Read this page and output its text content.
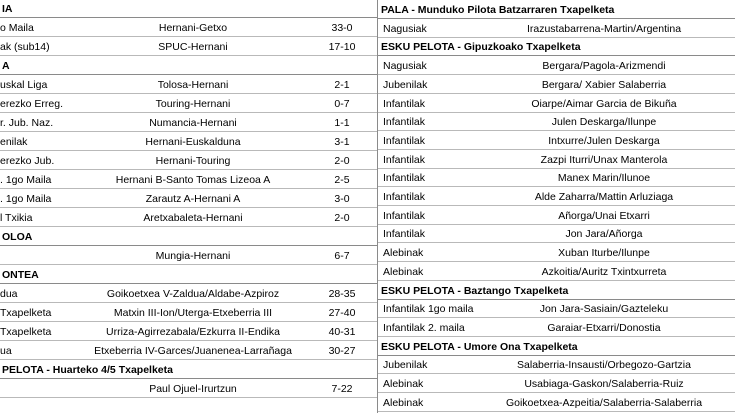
IA
o Maila	Hernani-Getxo	33-0
ak (sub14)	SPUC-Hernani	17-10
A
uskal Liga	Tolosa-Hernani	2-1
erezko Erreg.	Touring-Hernani	0-7
r. Jub. Naz.	Numancia-Hernani	1-1
enilak	Hernani-Euskalduna	3-1
erezko Jub.	Hernani-Touring	2-0
. 1go Maila	Hernani B-Santo Tomas Lizeoa A	2-5
. 1go Maila	Zarautz A-Hernani A	3-0
l Txikia	Aretxabaleta-Hernani	2-0
OLOA
Mungia-Hernani	6-7
ONTEA
dua	Goikoetxea V-Zaldua/Aldabe-Azpiroz	28-35
Txapelketa	Matxin III-Ion/Uterga-Etxeberria III	27-40
Txapelketa	Urriza-Agirrezabala/Ezkurra II-Endika	40-31
ua	Etxeberria IV-Garces/Juanenea-Larrañaga	30-27
PELOTA - Huarteko 4/5 Txapelketa
Paul Ojuel-Irurtzun	7-22
PALA - Munduko Pilota Batzarraren Txapelketa
Nagusiak	Irazustabarrena-Martin/Argentina
ESKU PELOTA - Gipuzkoako Txapelketa
Nagusiak	Bergara/Pagola-Arizmendi
Jubenilak	Bergara/ Xabier Salaberria
Infantilak	Oiarpe/Aimar Garcia de Bikuña
Infantilak	Julen Deskarga/Ilunpe
Infantilak	Intxurre/Julen Deskarga
Infantilak	Zazpi Iturri/Unax Manterola
Infantilak	Manex Marin/Ilunoe
Infantilak	Alde Zaharra/Mattin Arluziaga
Infantilak	Añorga/Unai Etxarri
Infantilak	Jon Jara/Añorga
Alebinak	Xuban Iturbe/Ilunpe
Alebinak	Azkoitia/Auritz Txintxurreta
ESKU PELOTA - Baztango Txapelketa
Infantilak 1go maila	Jon Jara-Sasiain/Gazteleku
Infantilak 2. maila	Garaiar-Etxarri/Donostia
ESKU PELOTA - Umore Ona Txapelketa
Jubenilak	Salaberria-Insausti/Orbegozo-Gartzia
Alebinak	Usabiaga-Gaskon/Salaberria-Ruiz
Alebinak	Goikoetxea-Azpeitia/Salaberria-Salaberria
